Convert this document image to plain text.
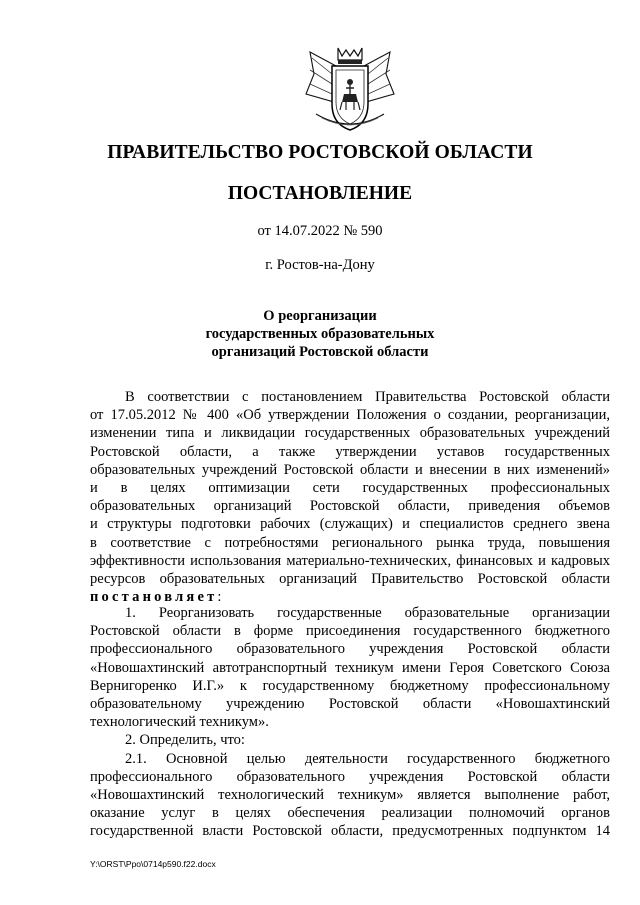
ПРАВИТЕЛЬСТВО РОСТОВСКОЙ ОБЛАСТИ
ПОСТАНОВЛЕНИЕ
от 14.07.2022 № 590
г. Ростов-на-Дону
О реорганизации
государственных образовательных
организаций Ростовской области
В соответствии с постановлением Правительства Ростовской области
от 17.05.2012 № 400 «Об утверждении Положения о создании, реорганизации,
изменении типа и ликвидации государственных образовательных учреждений
Ростовской области, а также утверждении уставов государственных
образовательных учреждений Ростовской области и внесении в них изменений»
и в целях оптимизации сети государственных профессиональных
образовательных организаций Ростовской области, приведения объемов
и структуры подготовки рабочих (служащих) и специалистов среднего звена
в соответствие с потребностями регионального рынка труда, повышения
эффективности использования материально-технических, финансовых и кадровых
ресурсов образовательных организаций Правительство Ростовской области
постановляет:
1. Реорганизовать государственные образовательные организации
Ростовской области в форме присоединения государственного бюджетного
профессионального образовательного учреждения Ростовской области
«Новошахтинский автотранспортный техникум имени Героя Советского Союза
Вернигоренко И.Г.» к государственному бюджетному профессиональному
образовательному учреждению Ростовской области «Новошахтинский
технологический техникум».
2. Определить, что:
2.1. Основной целью деятельности государственного бюджетного
профессионального образовательного учреждения Ростовской области
«Новошахтинский технологический техникум» является выполнение работ,
оказание услуг в целях обеспечения реализации полномочий органов
государственной власти Ростовской области, предусмотренных подпунктом 14
Y:\ORST\Ppo\0714p590.f22.docx
